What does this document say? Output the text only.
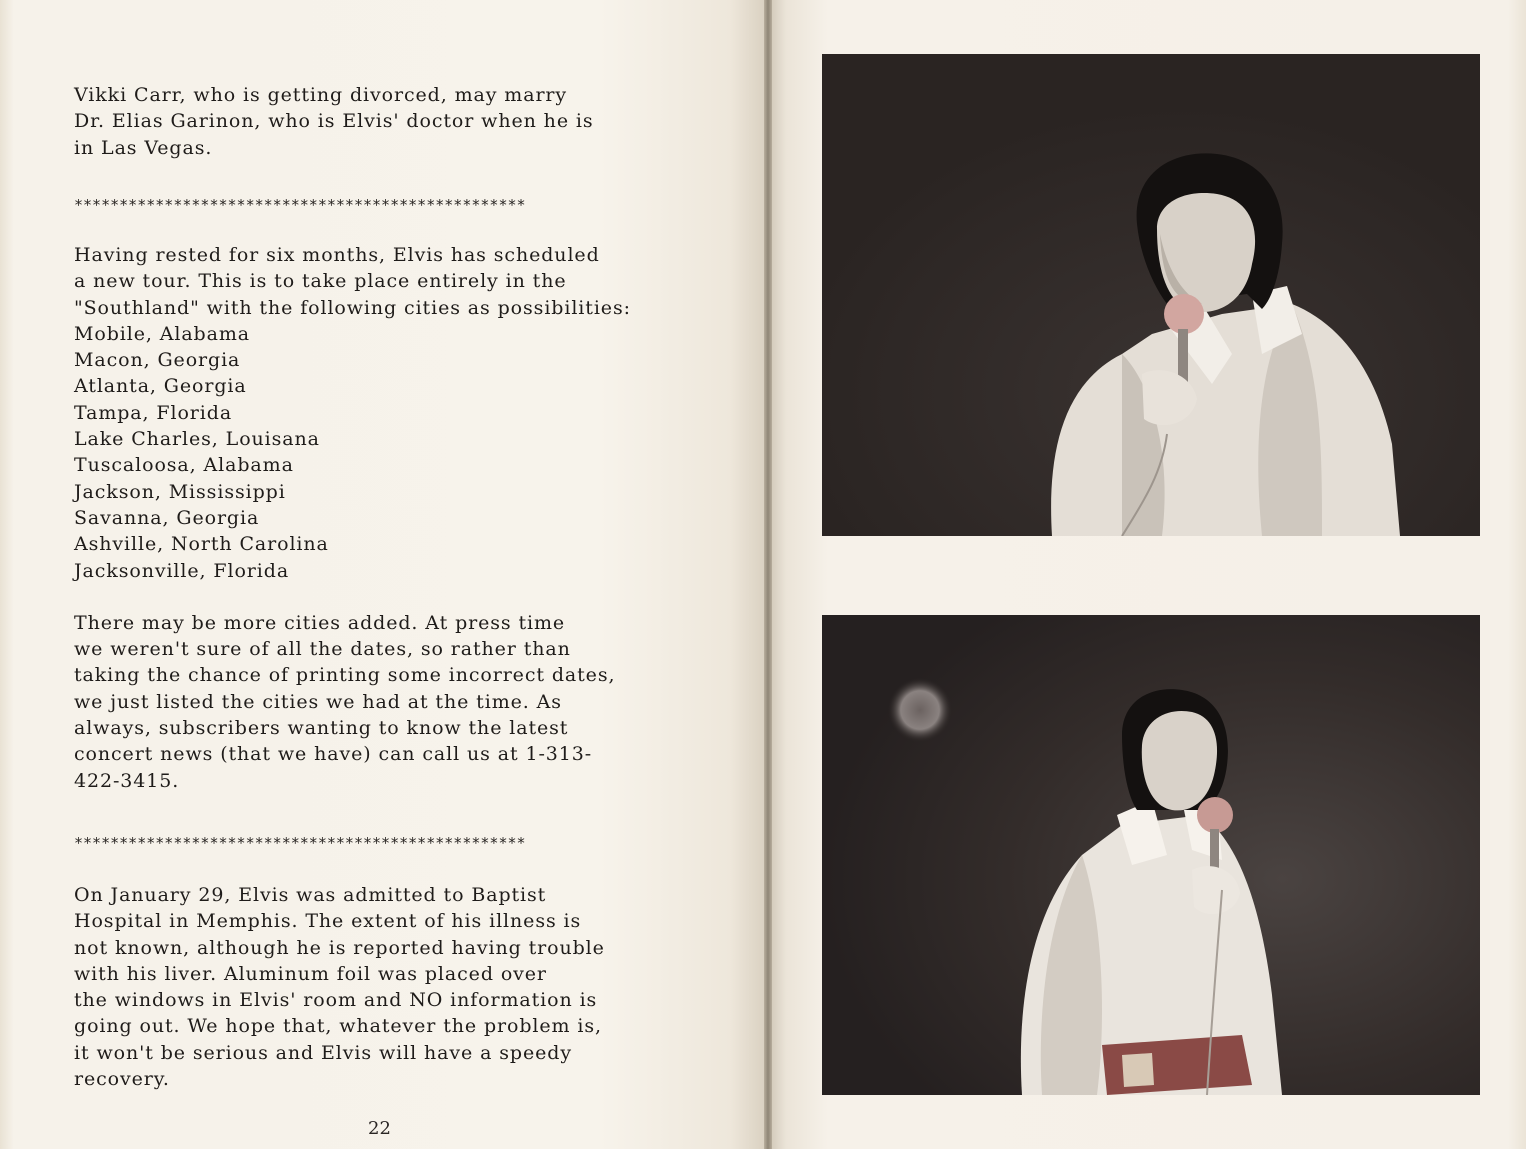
Vikki Carr, who is getting divorced, may marry
Dr. Elias Garinon, who is Elvis' doctor when he is
in Las Vegas.

**************************************************

Having rested for six months, Elvis has scheduled
a new tour. This is to take place entirely in the
"Southland" with the following cities as possibilities:

Mobile, Alabama

Macon, Georgia

Atlanta, Georgia

Tampa, Florida

Lake Charles, Louisana

Tuscaloosa, Alabama

Jackson, Mississippi

Savanna, Georgia

Ashville, North Carolina

Jacksonville, Florida

There may be more cities added. At press time
we weren't sure of all the dates, so rather than
taking the chance of printing some incorrect dates,
we just listed the cities we had at the time. As
always, subscribers wanting to know the latest
concert news (that we have) can call us at 1-313-
422-3415.

**************************************************

On January 29, Elvis was admitted to Baptist
Hospital in Memphis. The extent of his illness is
not known, although he is reported having trouble
with his liver. Aluminum foil was placed over
the windows in Elvis' room and NO information is
going out. We hope that, whatever the problem is,
it won't be serious and Elvis will have a speedy
recovery.

22
